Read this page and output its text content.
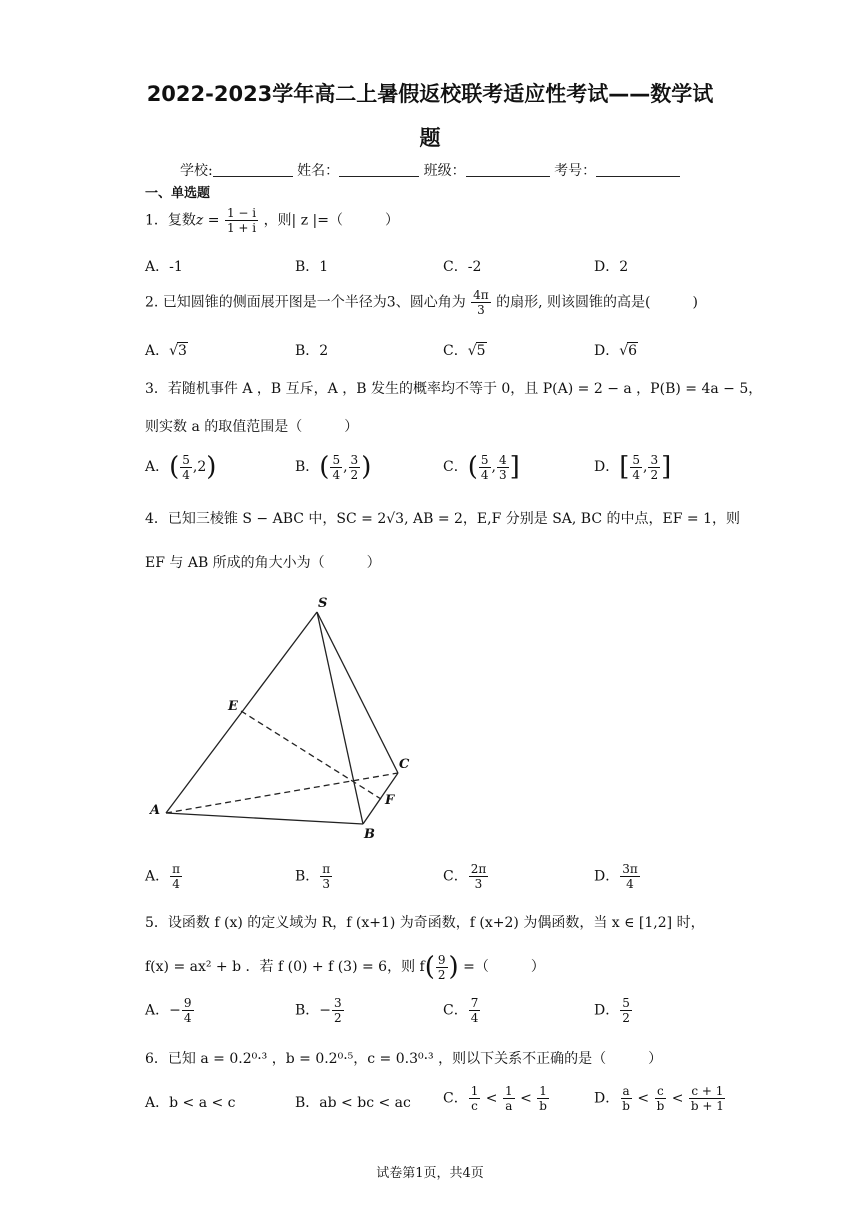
2022-2023学年高二上暑假返校联考适应性考试——数学试
题
学校:	姓名：	班级：	考号：
一、单选题
1．复数$z = \frac{1 - i}{1 + i}$ ，则| z |=（　　　）
A．-1	B．1	C．-2	D．2
2. 已知圆锥的侧面展开图是一个半径为3、圆心角为 $\frac{4\pi}{3}$ 的扇形, 则该圆锥的高是(　　　)
A．√3	B．2	C．√5	D．√6
3．若随机事件 A ，B 互斥，A ，B 发生的概率均不等于 0，且 P(A) = 2 − a ，P(B) = 4a − 5，
则实数 a 的取值范围是（　　　）
A．( $\frac{5}{4} ,2$)	B．( $\frac{5}{4}$ , $\frac{3}{2}$ )	C．( $\frac{5}{4}$ , $\frac{4}{3}$ ]	D．[ $\frac{5}{4}$ , $\frac{3}{2}$ ]
4．已知三棱锥 S − ABC 中，SC = 2√3, AB = 2，E,F 分别是 SA, BC 的中点，EF = 1，则
EF 与 AB 所成的角大小为（　　　）
S
E
C
A
F
B
A． $\frac{\pi}{4}$	B． $\frac{\pi}{3}$	C． $\frac{2\pi}{3}$	D． $\frac{3\pi}{4}$
5．设函数 f (x) 的定义域为 R，f (x+1) 为奇函数，f (x+2) 为偶函数，当 x ∈ [1,2] 时，
f(x) = ax² + b ．若 f (0) + f (3) = 6，则 $f( \frac{9}{2}$ ) =（　　　）
A．− $\frac{9}{4}$	B．− $\frac{3}{2}$	C． $\frac{7}{4}$	D． $\frac{5}{2}$
6．已知 a = 0.2⁰·³ ，b = 0.2⁰·⁵，c = 0.3⁰·³ ，则以下关系不正确的是（　　　）
A．b < a < c	B．ab < bc < ac C． $\frac{1}{c} < \frac{1}{a} < \frac{1}{b}$	D． $\frac{a}{b} < \frac{c}{b} < \frac{c + 1}{b + 1}$
试卷第1页，共4页
